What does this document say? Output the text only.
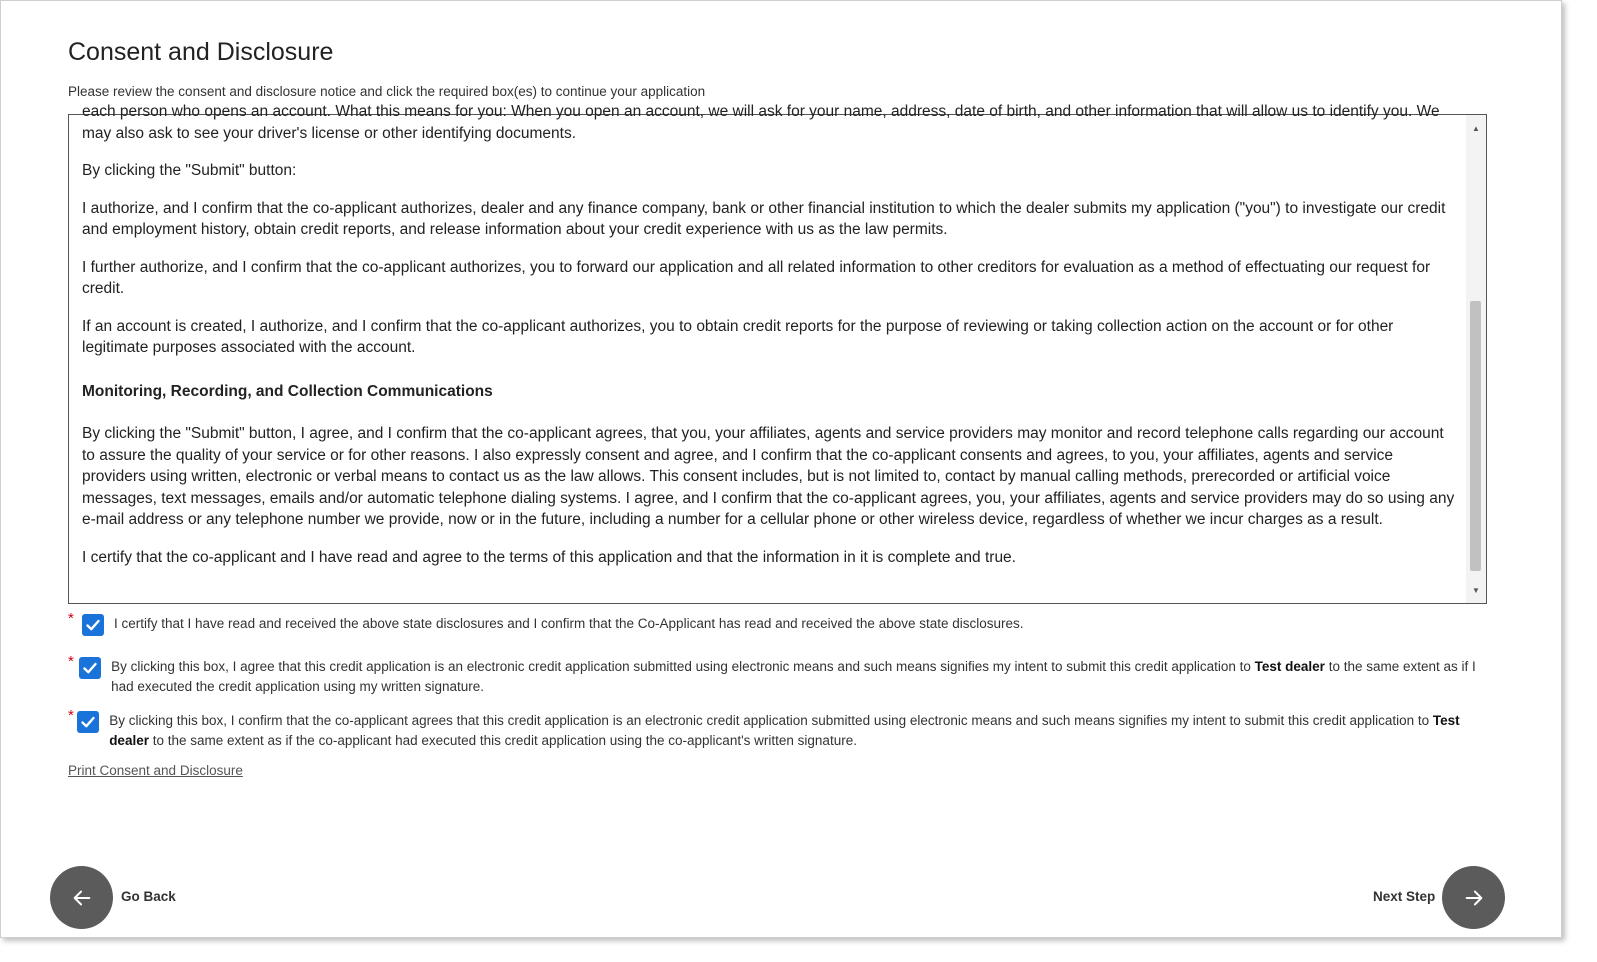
Consent and Disclosure
Please review the consent and disclosure notice and click the required box(es) to continue your application

each person who opens an account. What this means for you: When you open an account, we will ask for your name, address, date of birth, and other information that will allow us to identify you. We may also ask to see your driver's license or other identifying documents.

By clicking the "Submit" button:

I authorize, and I confirm that the co-applicant authorizes, dealer and any finance company, bank or other financial institution to which the dealer submits my application ("you") to investigate our credit and employment history, obtain credit reports, and release information about your credit experience with us as the law permits.

I further authorize, and I confirm that the co-applicant authorizes, you to forward our application and all related information to other creditors for evaluation as a method of effectuating our request for credit.

If an account is created, I authorize, and I confirm that the co-applicant authorizes, you to obtain credit reports for the purpose of reviewing or taking collection action on the account or for other legitimate purposes associated with the account.

Monitoring, Recording, and Collection Communications

By clicking the "Submit" button, I agree, and I confirm that the co-applicant agrees, that you, your affiliates, agents and service providers may monitor and record telephone calls regarding our account to assure the quality of your service or for other reasons. I also expressly consent and agree, and I confirm that the co-applicant consents and agrees, to you, your affiliates, agents and service providers using written, electronic or verbal means to contact us as the law allows. This consent includes, but is not limited to, contact by manual calling methods, prerecorded or artificial voice messages, text messages, emails and/or automatic telephone dialing systems. I agree, and I confirm that the co-applicant agrees, you, your affiliates, agents and service providers may do so using any e-mail address or any telephone number we provide, now or in the future, including a number for a cellular phone or other wireless device, regardless of whether we incur charges as a result.

I certify that the co-applicant and I have read and agree to the terms of this application and that the information in it is complete and true.

▲
▼
*	I certify that I have read and received the above state disclosures and I confirm that the Co-Applicant has read and received the above state disclosures.
*	By clicking this box, I agree that this credit application is an electronic credit application submitted using electronic means and such means signifies my intent to submit this credit application to Test dealer to the same extent as if I had executed the credit application using my written signature.
*	By clicking this box, I confirm that the co-applicant agrees that this credit application is an electronic credit application submitted using electronic means and such means signifies my intent to submit this credit application to Test dealer to the same extent as if the co-applicant had executed this credit application using the co-applicant's written signature.
Print Consent and Disclosure
Go Back	Next Step
